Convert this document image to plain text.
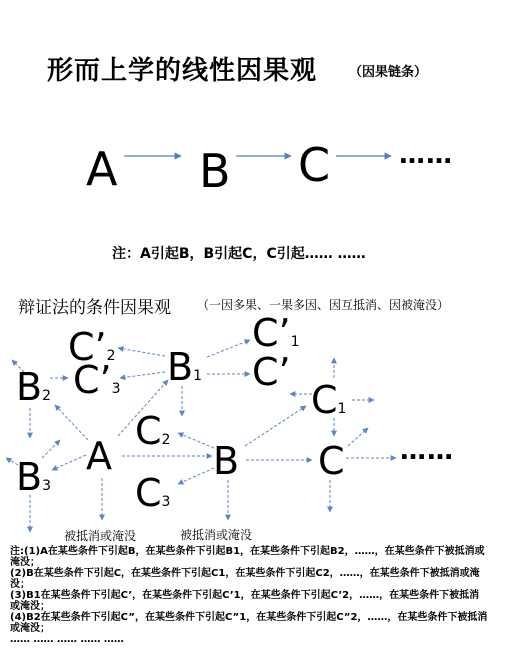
形而上学的线性因果观 （因果链条）
A B C	……
注：A引起B，B引起C，C引起…… ……
辩证法的条件因果观 （一因多果、一果多因、因互抵消、因被淹没）
C’2
C’3
C’1
C’
B1
B2
B3
C2
C3
C1
A	B C ……
被抵消或淹没	被抵消或淹没
注:(1)A在某些条件下引起B，在某些条件下引起B1，在某些条件下引起B2，……，在某些条件下被抵消或淹没；
(2)B在某些条件下引起C，在某些条件下引起C1，在某些条件下引起C2，……，在某些条件下被抵消或淹没；
(3)B1在某些条件下引起C’，在某些条件下引起C’1，在某些条件下引起C’2，……，在某些条件下被抵消或淹没；
(4)B2在某些条件下引起C”，在某些条件下引起C”1，在某些条件下引起C”2，……，在某些条件下被抵消或淹没；
…… …… …… …… ……
